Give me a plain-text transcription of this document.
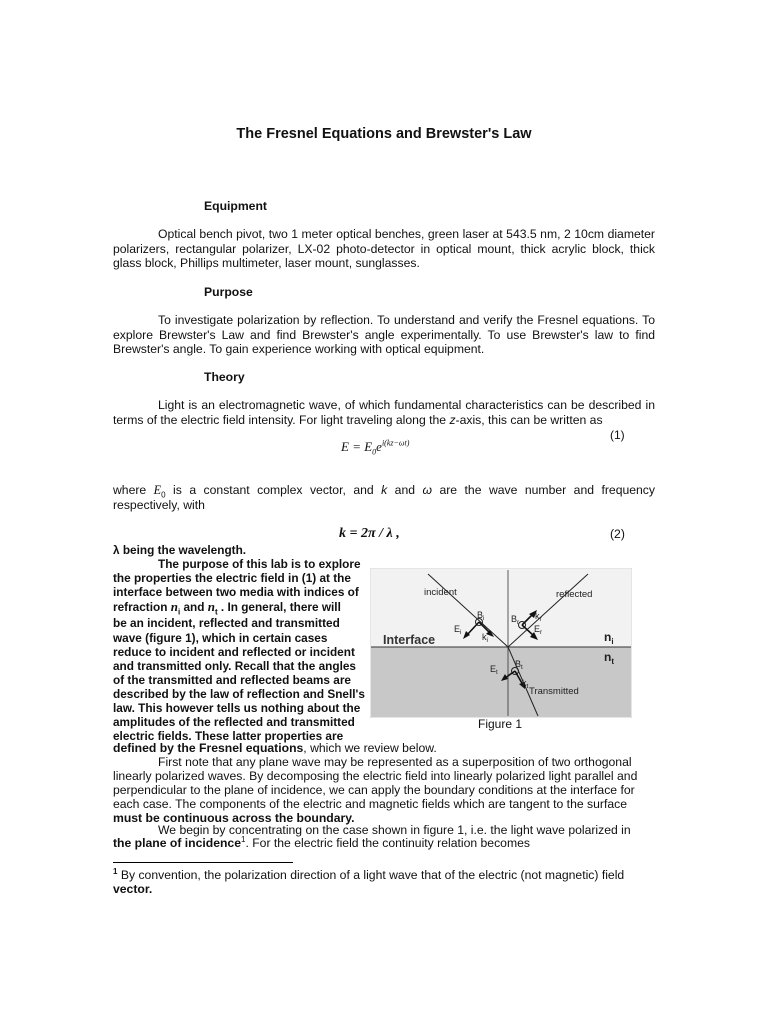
The Fresnel Equations and Brewster's Law
Equipment
Optical bench pivot, two 1 meter optical benches, green laser at 543.5 nm, 2 10cm diameter polarizers, rectangular polarizer, LX-02 photo-detector in optical mount, thick acrylic block, thick glass block, Phillips multimeter, laser mount, sunglasses.
Purpose
To investigate polarization by reflection. To understand and verify the Fresnel equations. To explore Brewster's Law and find Brewster's angle experimentally. To use Brewster's law to find Brewster's angle. To gain experience working with optical equipment.
Theory
Light is an electromagnetic wave, of which fundamental characteristics can be described in terms of the electric field intensity. For light traveling along the z-axis, this can be written as
$E = E_0e^{i(kz-\omega t)}$
(1)
where $E_0$ is a constant complex vector, and k and ω are the wave number and frequency respectively, with
k = 2π / λ ,	(2)
λ being the wavelength.
The purpose of this lab is to explore
the properties the electric field in (1) at the
interface between two media with indices of
refraction $n_i$ and $n_t$ . In general, there will
be an incident, reflected and transmitted
wave (figure 1), which in certain cases
reduce to incident and reflected or incident
and transmitted only. Recall that the angles
of the transmitted and reflected beams are
described by the law of reflection and Snell's
law. This however tells us nothing about the
amplitudes of the reflected and transmitted
electric fields. These latter properties are
defined by the Fresnel equations, which we review below.
First note that any plane wave may be represented as a superposition of two orthogonal
linearly polarized waves. By decomposing the electric field into linearly polarized light parallel and
perpendicular to the plane of incidence, we can apply the boundary conditions at the interface for
each case. The components of the electric and magnetic fields which are tangent to the surface
must be continuous across the boundary.
We begin by concentrating on the case shown in figure 1, i.e. the light wave polarized in
the plane of incidence$^1$. For the electric field the continuity relation becomes
$^1$ By convention, the polarization direction of a light wave that of the electric (not magnetic) field
vector.
incident	reflected
Transmitted
Interface	$n_i$
$n_t$
$E_i$
$B_i$
$k_i$
$E_r$
$B_r$
$k_r$
$E_t$
$B_t$
$k_t$
Figure 1
